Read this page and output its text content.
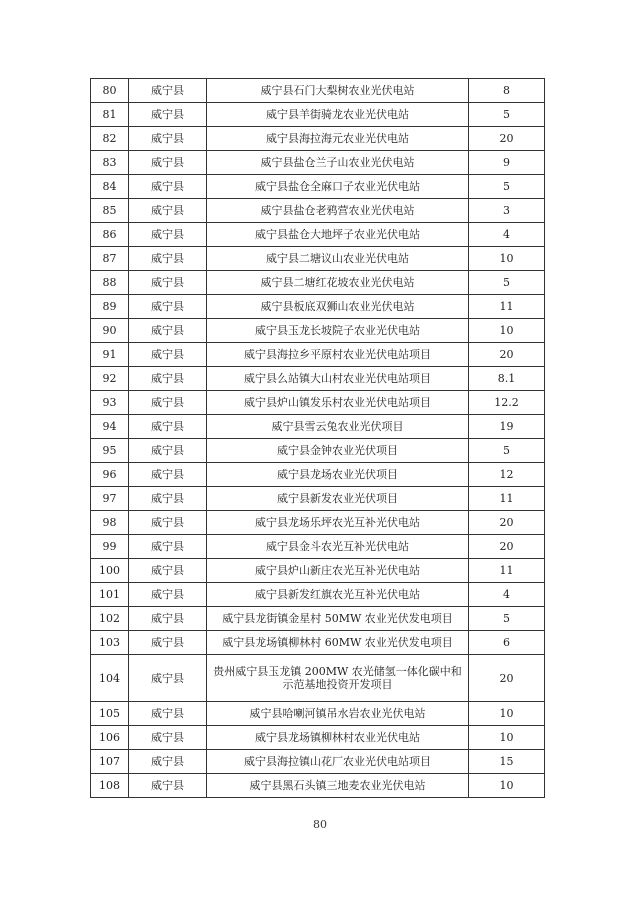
80	威宁县	威宁县石门大梨树农业光伏电站	8
81	威宁县	威宁县羊街骑龙农业光伏电站	5
82	威宁县	威宁县海拉海元农业光伏电站	20
83	威宁县	威宁县盐仓兰子山农业光伏电站	9
84	威宁县	威宁县盐仓全麻口子农业光伏电站	5
85	威宁县	威宁县盐仓老鸦营农业光伏电站	3
86	威宁县	威宁县盐仓大地坪子农业光伏电站	4
87	威宁县	威宁县二塘议山农业光伏电站	10
88	威宁县	威宁县二塘红花坡农业光伏电站	5
89	威宁县	威宁县板底双狮山农业光伏电站	11
90	威宁县	威宁县玉龙长坡院子农业光伏电站	10
91	威宁县	威宁县海拉乡平原村农业光伏电站项目	20
92	威宁县	威宁县么站镇大山村农业光伏电站项目	8.1
93	威宁县	威宁县炉山镇发乐村农业光伏电站项目	12.2
94	威宁县	威宁县雪云兔农业光伏项目	19
95	威宁县	威宁县金钟农业光伏项目	5
96	威宁县	威宁县龙场农业光伏项目	12
97	威宁县	威宁县新发农业光伏项目	11
98	威宁县	威宁县龙场乐坪农光互补光伏电站	20
99	威宁县	威宁县金斗农光互补光伏电站	20
100	威宁县	威宁县炉山新庄农光互补光伏电站	11
101	威宁县	威宁县新发红旗农光互补光伏电站	4
102	威宁县	威宁县龙街镇金星村 50MW 农业光伏发电项目	5
103	威宁县	威宁县龙场镇柳林村 60MW 农业光伏发电项目	6
104	威宁县	贵州威宁县玉龙镇 200MW 农光储氢一体化碳中和示范基地投资开发项目	20
105	威宁县	威宁县哈喇河镇吊水岩农业光伏电站	10
106	威宁县	威宁县龙场镇柳林村农业光伏电站	10
107	威宁县	威宁县海拉镇山花厂农业光伏电站项目	15
108	威宁县	威宁县黑石头镇三地麦农业光伏电站	10
80
